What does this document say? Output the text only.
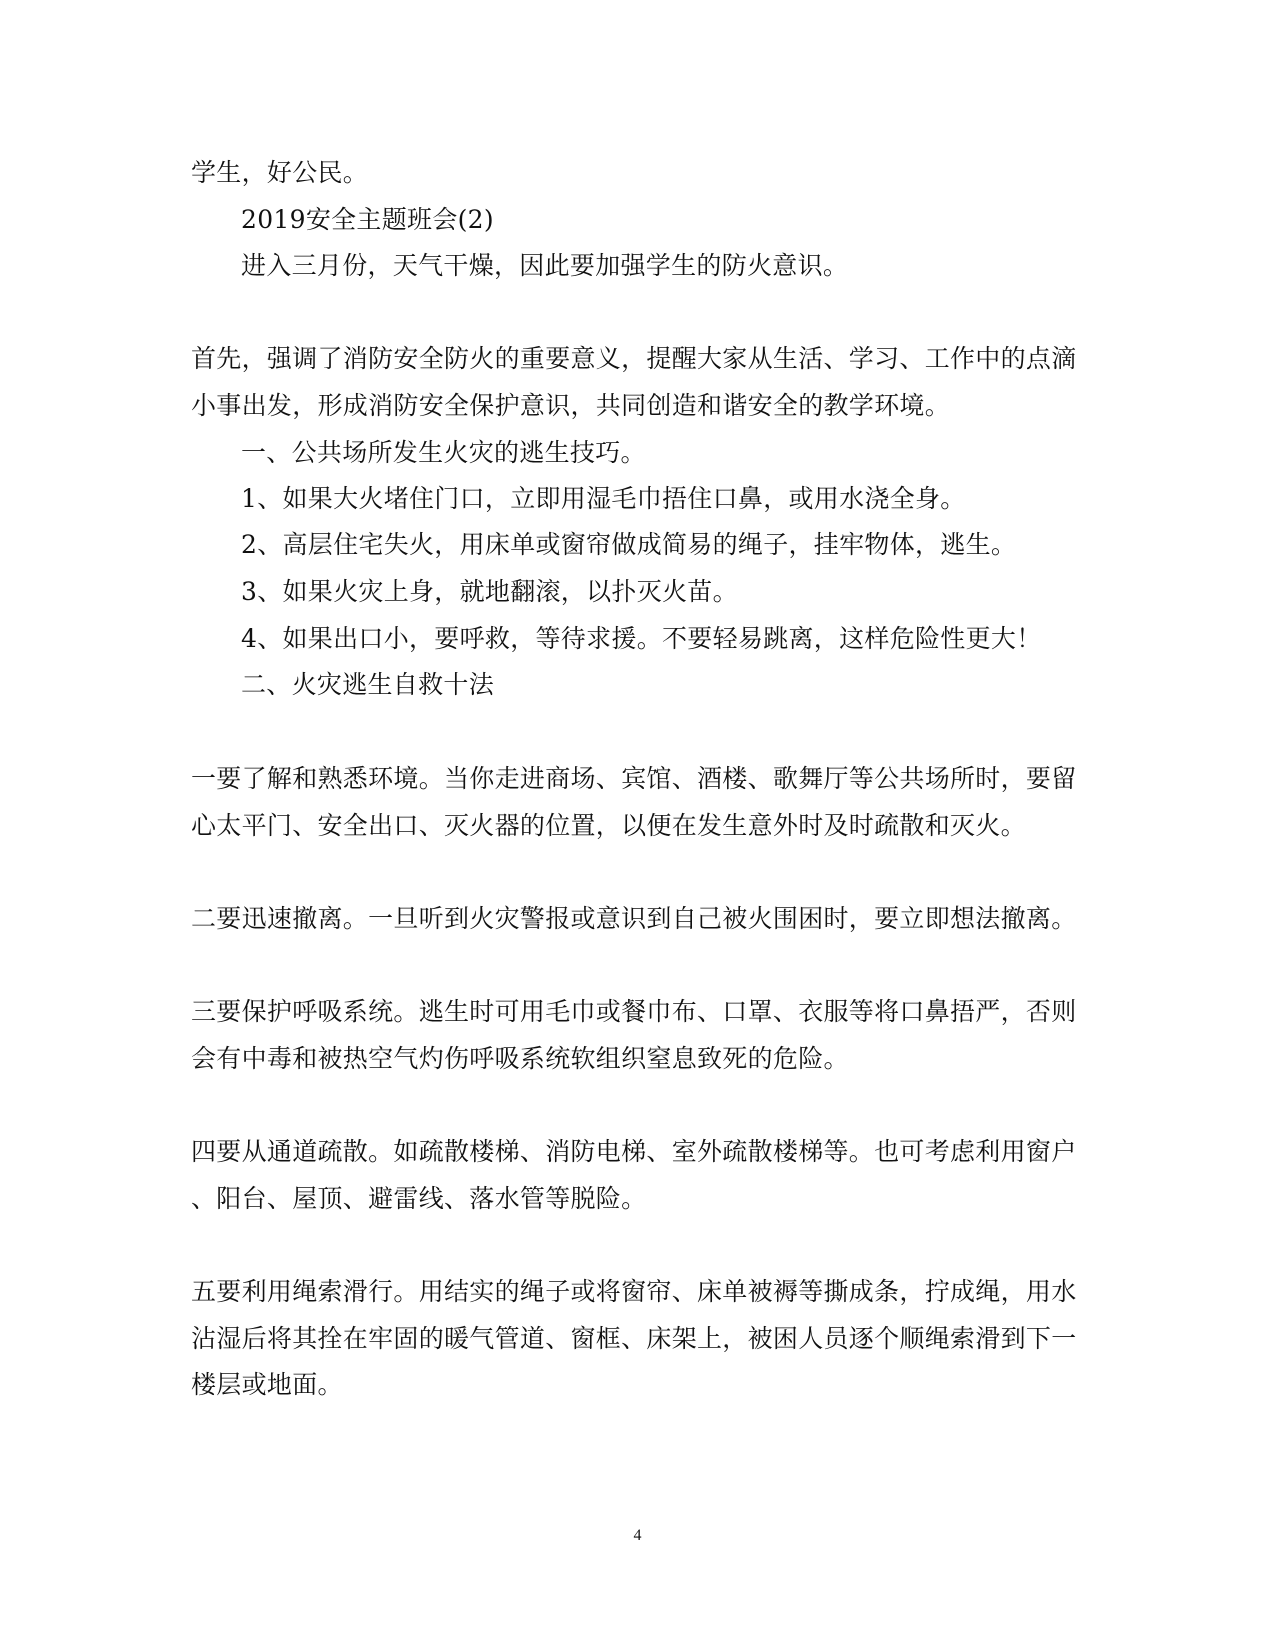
学生，好公民。
2019安全主题班会(2)
进入三月份，天气干燥，因此要加强学生的防火意识。
首先，强调了消防安全防火的重要意义，提醒大家从生活、学习、工作中的点滴
小事出发，形成消防安全保护意识，共同创造和谐安全的教学环境。
一、公共场所发生火灾的逃生技巧。
1、如果大火堵住门口，立即用湿毛巾捂住口鼻，或用水浇全身。
2、高层住宅失火，用床单或窗帘做成简易的绳子，挂牢物体，逃生。
3、如果火灾上身，就地翻滚，以扑灭火苗。
4、如果出口小，要呼救，等待求援。不要轻易跳离，这样危险性更大！
二、火灾逃生自救十法
一要了解和熟悉环境。当你走进商场、宾馆、酒楼、歌舞厅等公共场所时，要留
心太平门、安全出口、灭火器的位置，以便在发生意外时及时疏散和灭火。
二要迅速撤离。一旦听到火灾警报或意识到自己被火围困时，要立即想法撤离。
三要保护呼吸系统。逃生时可用毛巾或餐巾布、口罩、衣服等将口鼻捂严，否则
会有中毒和被热空气灼伤呼吸系统软组织窒息致死的危险。
四要从通道疏散。如疏散楼梯、消防电梯、室外疏散楼梯等。也可考虑利用窗户
、阳台、屋顶、避雷线、落水管等脱险。
五要利用绳索滑行。用结实的绳子或将窗帘、床单被褥等撕成条，拧成绳，用水
沾湿后将其拴在牢固的暖气管道、窗框、床架上，被困人员逐个顺绳索滑到下一
楼层或地面。
4
